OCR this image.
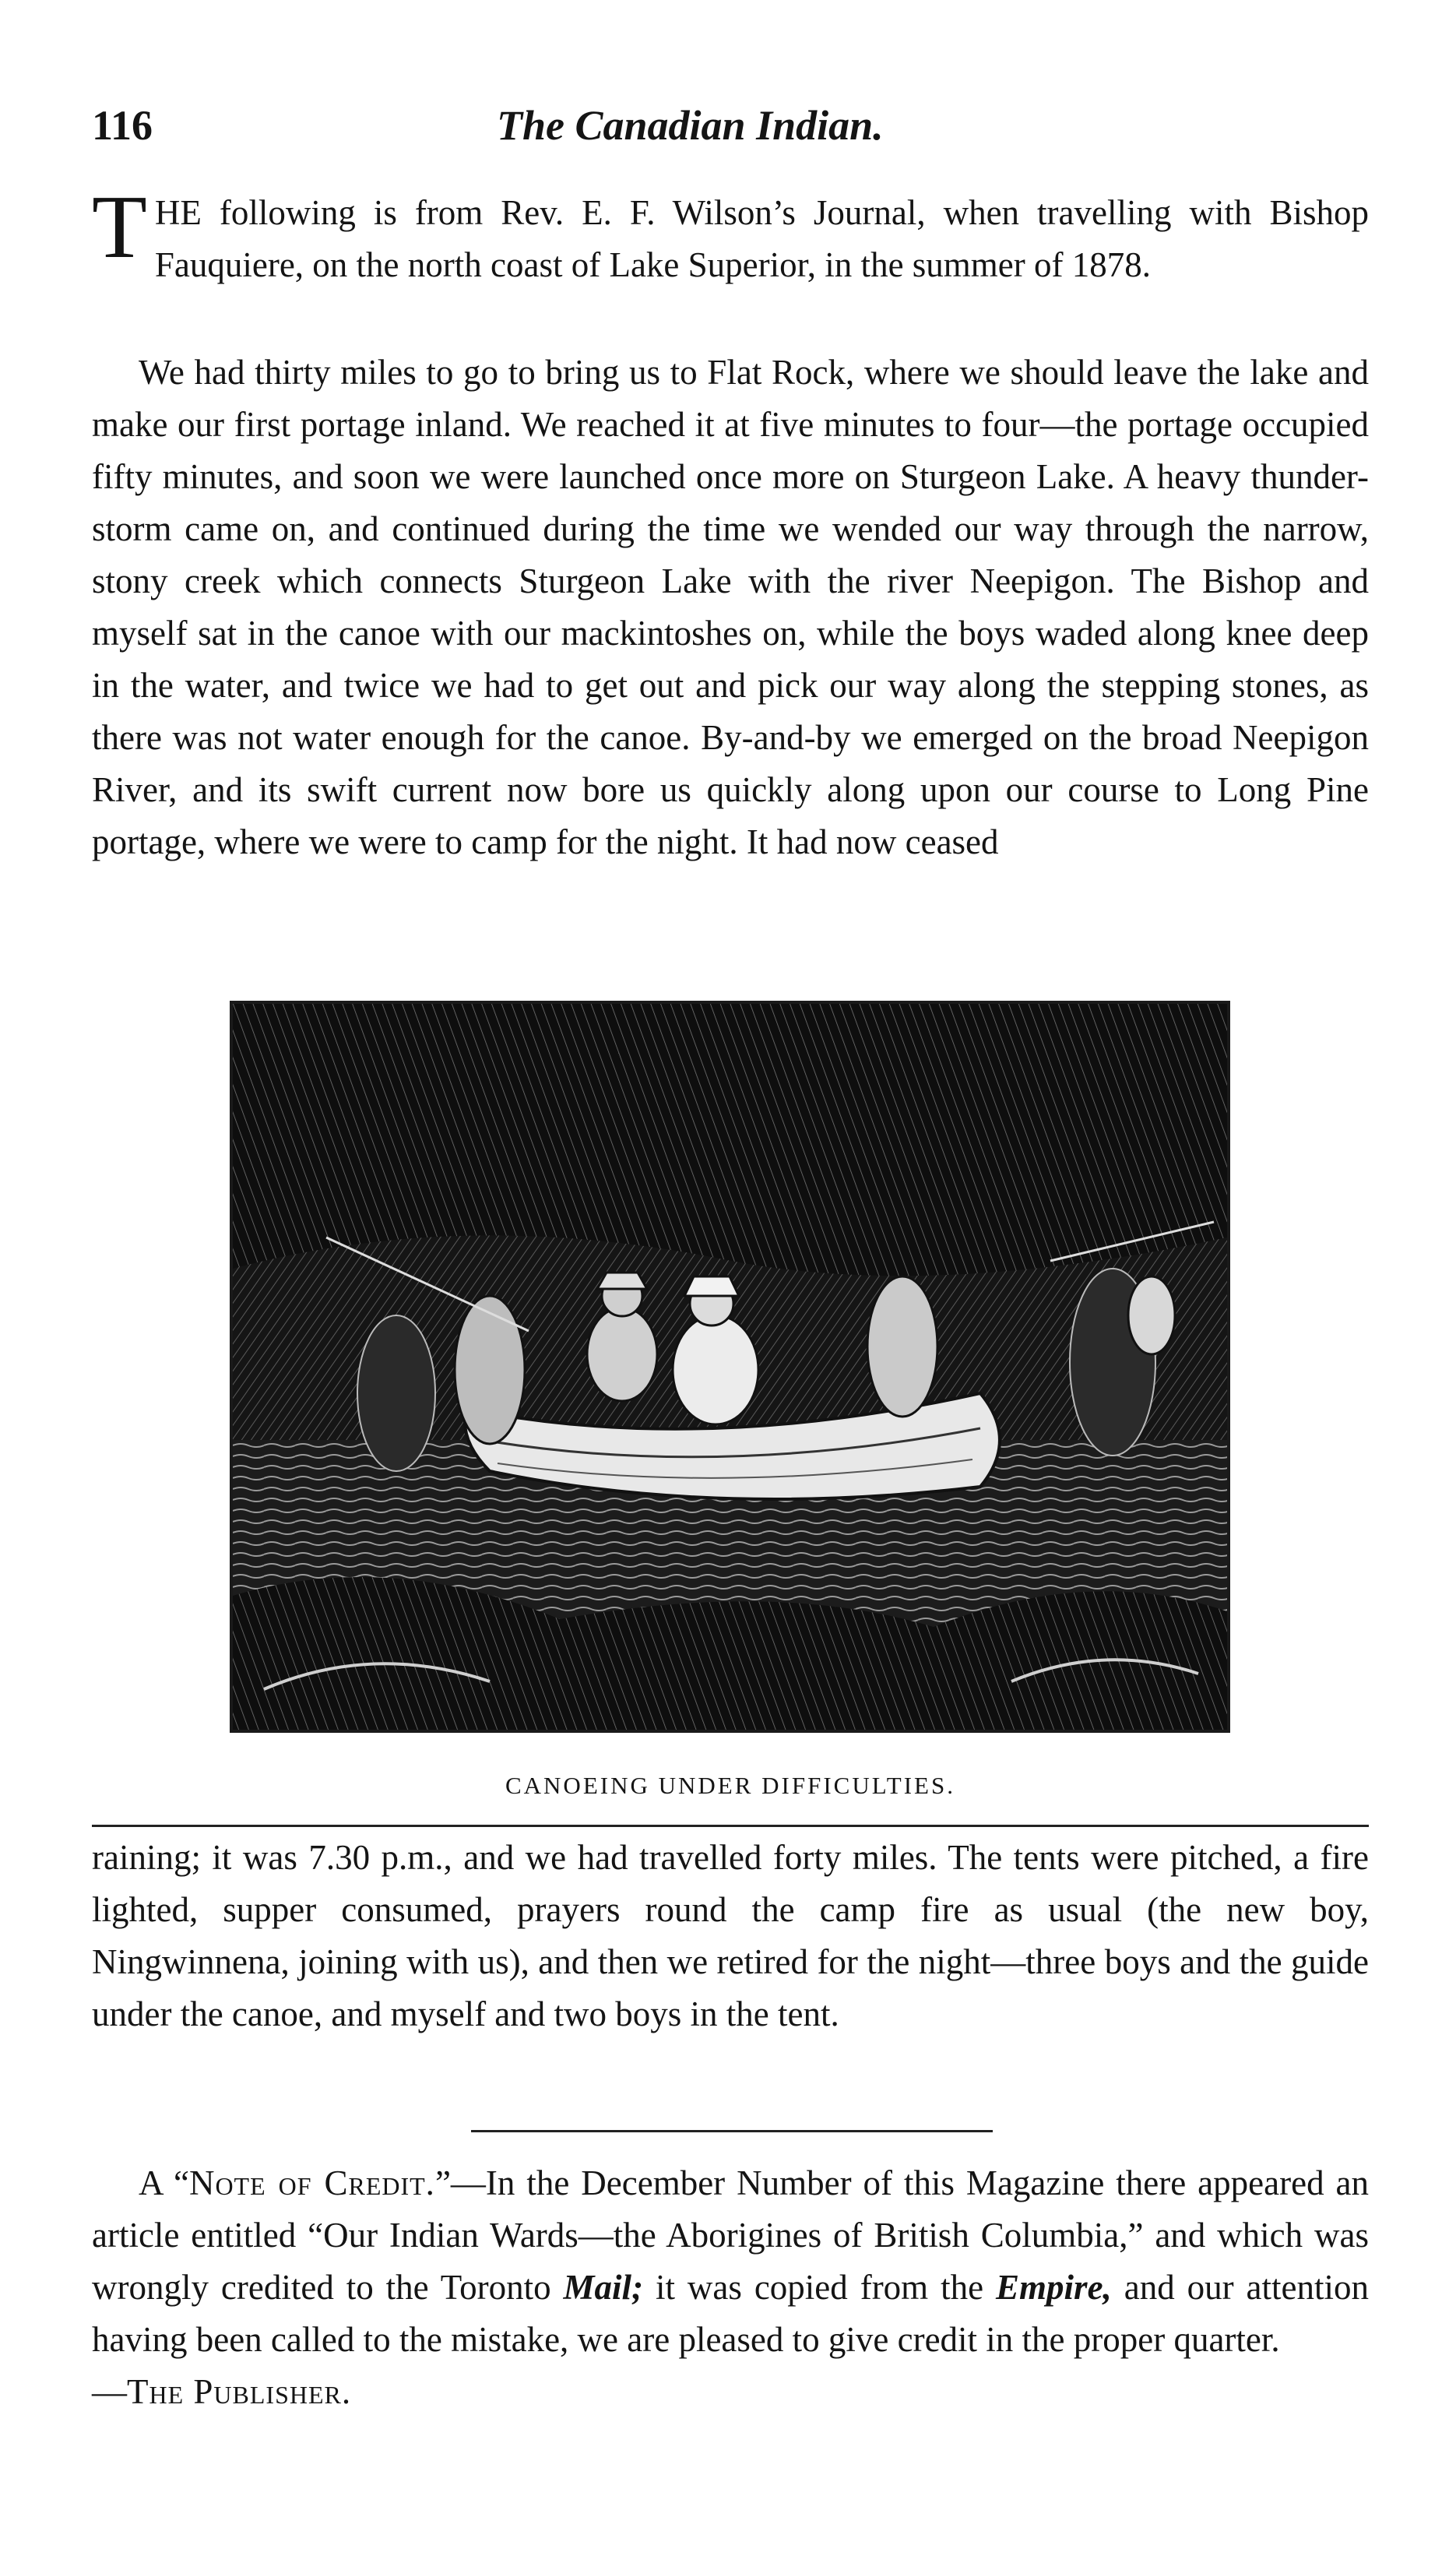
116	The Canadian Indian.

THE following is from Rev. E. F. Wilson’s Journal, when travelling with Bishop Fauquiere, on the north coast of Lake Superior, in the summer of 1878.

We had thirty miles to go to bring us to Flat Rock, where we should leave the lake and make our first portage inland. We reached it at five minutes to four—the portage occupied fifty minutes, and soon we were launched once more on Sturgeon Lake. A heavy thunder-storm came on, and continued during the time we wended our way through the narrow, stony creek which connects Sturgeon Lake with the river Neepigon. The Bishop and myself sat in the canoe with our mackintoshes on, while the boys waded along knee deep in the water, and twice we had to get out and pick our way along the stepping stones, as there was not water enough for the canoe. By-and-by we emerged on the broad Neepigon River, and its swift current now bore us quickly along upon our course to Long Pine portage, where we were to camp for the night. It had now ceased

CANOEING UNDER DIFFICULTIES.

raining; it was 7.30 p.m., and we had travelled forty miles. The tents were pitched, a fire lighted, supper consumed, prayers round the camp fire as usual (the new boy, Ningwinnena, joining with us), and then we retired for the night—three boys and the guide under the canoe, and myself and two boys in the tent.

A “Note of Credit.”—In the December Number of this Magazine there appeared an article entitled “Our Indian Wards—the Aborigines of British Columbia,” and which was wrongly credited to the Toronto Mail; it was copied from the Empire, and our attention having been called to the mistake, we are pleased to give credit in the proper quarter.
—The Publisher.
